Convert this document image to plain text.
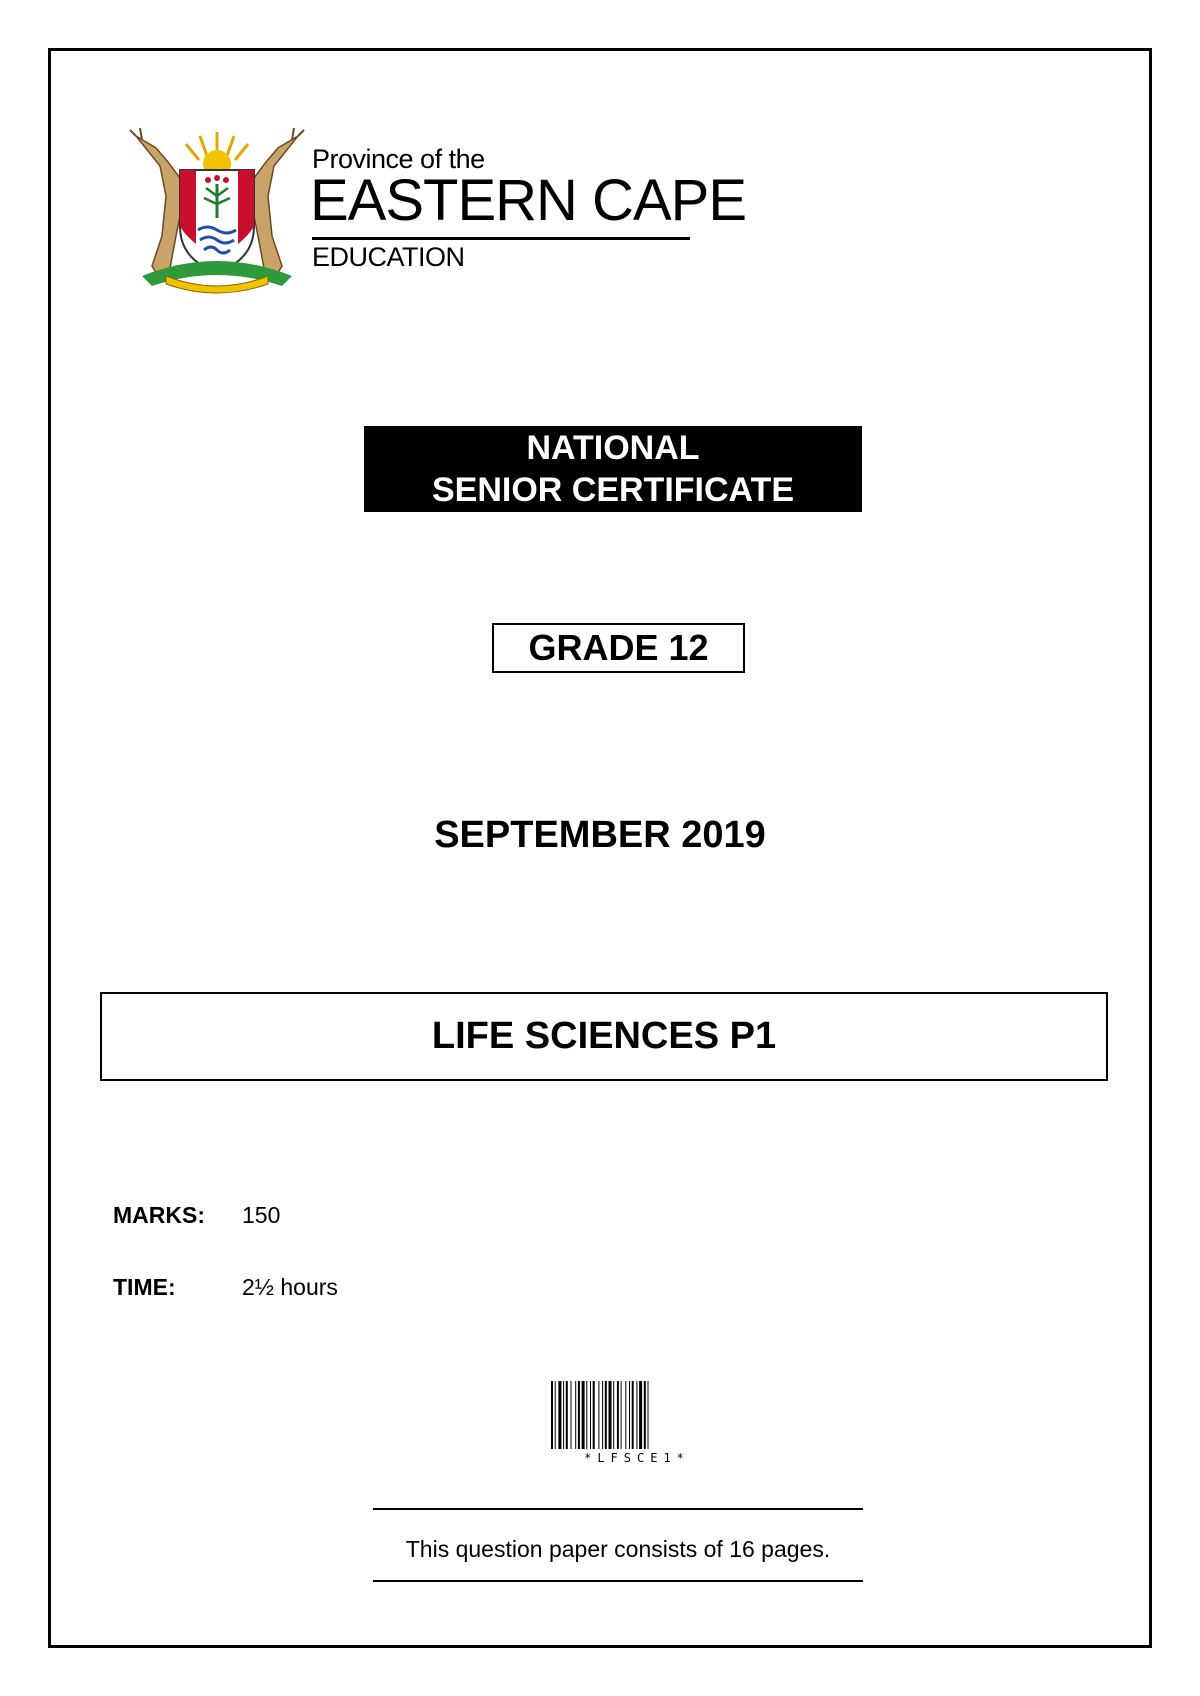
Province of the
EASTERN CAPE
EDUCATION
NATIONAL
SENIOR CERTIFICATE
GRADE 12
SEPTEMBER 2019
LIFE SCIENCES P1
MARKS: 150
TIME:	2½ hours
*LFSCE1*
This question paper consists of 16 pages.
